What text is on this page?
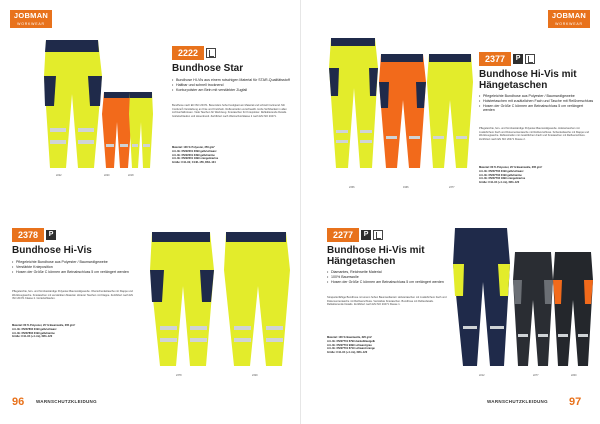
JOBMAN
WORKWEAR
2222	2220	2218
2222
Bundhose Star
• Bundhose HI-VIs aus einem rutschigen Material für STAR-Qualitätsstoff
• Haltbar und schnell trocknend
• Konturpolster am Bein mit verstärkter Zugfall

Bundhose nach EN ISO 20471. Besonders hohe Festigkeit am Material und schnell trocknend. Mit Cordura®-Verstärkung an Knie und Knöcheln. Reflexstreifen verschweißt. Hohe Sichtbarkeit in allen Lichtverhältnissen. Viele Taschen für Werkzeug. Knietaschen für Kniepolster. Reflektierende Details. Gürtelschlaufen und Hosenbund. Zertifiziert nach Warnschutzklasse 2 nach EN ISO 20471.

Material: 100 % Polyester, 250 g/m²
Art.-Nr. 65222201 3099 gelb/schwarz
Art.-Nr. 65222201 2399 gelb/marine
Art.-Nr. 65222201 1999 orange/marine
Größe: C44–62, C146–156, D84–124
2378	P
Bundhose Hi-Vis
• Pflegeleichte Bundhose aus Polyester / Baumwollgewebe
• Verstärkte Knieposition
• Hosen der Größe C können am Beinabschluss 5 cm verlängert werden

Pflegeleichte, fein- und formbeständige Polyester-Baumwollgewebe. Oberschenkeltasche mit Klappe und Werkzeugtasche. Knietaschen mit verstärktem Material. Hinterer Taschen mit Klappe. Zertifiziert nach EN ISO 20471 Klasse 2. Gürtelschlaufen.

Material: 80 % Polyester, 20 % Baumwolle, 265 g/m²
Art.-Nr. 65237802 3199 gelb/schwarz
Art.-Nr. 65237802 2199 gelb/marine
Größe: C44–64 (+4 cm), D84–120
2378	2329
96	WARNSCHUTZKLEIDUNG
JOBMAN
WORKWEAR
2336	1966	2377
2377	P
Bundhose Hi-Vis mit
Hängetaschen
• Pflegeleichte Bundhose aus Polyester / Baumwollgewebe
• Holstertaschen mit zusätzlichen Fach und Tasche mit Reißverschluss
• Hosen der Größe C können am Beinabschluss 5 cm verlängert werden

Pflegeleichte, fein- und formbeständige Polyester-Baumwollgewebe. Holstertaschen mit zusätzlichem Fach und Dokumententasche mit Reißverschluss. Schenkeltasche mit Klappe und Werkzeugtasche. Reflexstreifen mit zusätzlichem Fach und Knietaschen mit Reißverschluss. Zertifiziert nach EN ISO 20471 Klasse 2.

Material: 80 % Polyester, 20 % Baumwolle, 265 g/m²
Art.-Nr. 65237702 3199 gelb/schwarz
Art.-Nr. 65237702 2199 gelb/marine
Art.-Nr. 65237702 1999 orange/marine
Größe: C44–64 (+4 cm), D84–120
2277	P
Bundhose Hi-Vis mit
Hängetaschen
• Diamantes, Reichweite Material
• 100% Baumwolle
• Hosen der Größe C können am Beinabschluss 5 cm verlängert werden

Strapazierfähige Bundhose mit einem hohen Baumwollanteil. Holstertaschen mit zusätzlichem Fach und Dokumententasche mit Reißverschluss. Verstärkte Knietaschen. Bundhose mit Reflexdetails. Reflektierende Details. Zertifiziert nach EN ISO 20471 Klasse 1.

Material: 100 % Baumwolle, 320 g/m²
Art.-Nr. 65227701 6799 dunkelblau/gelb
Art.-Nr. 65227701 9999 schwarz/grau
Art.-Nr. 65227701 6719 schwarz/orange
Größe: C44–64 (+4 cm), D84–120
2212	2277	2200
WARNSCHUTZKLEIDUNG 97
